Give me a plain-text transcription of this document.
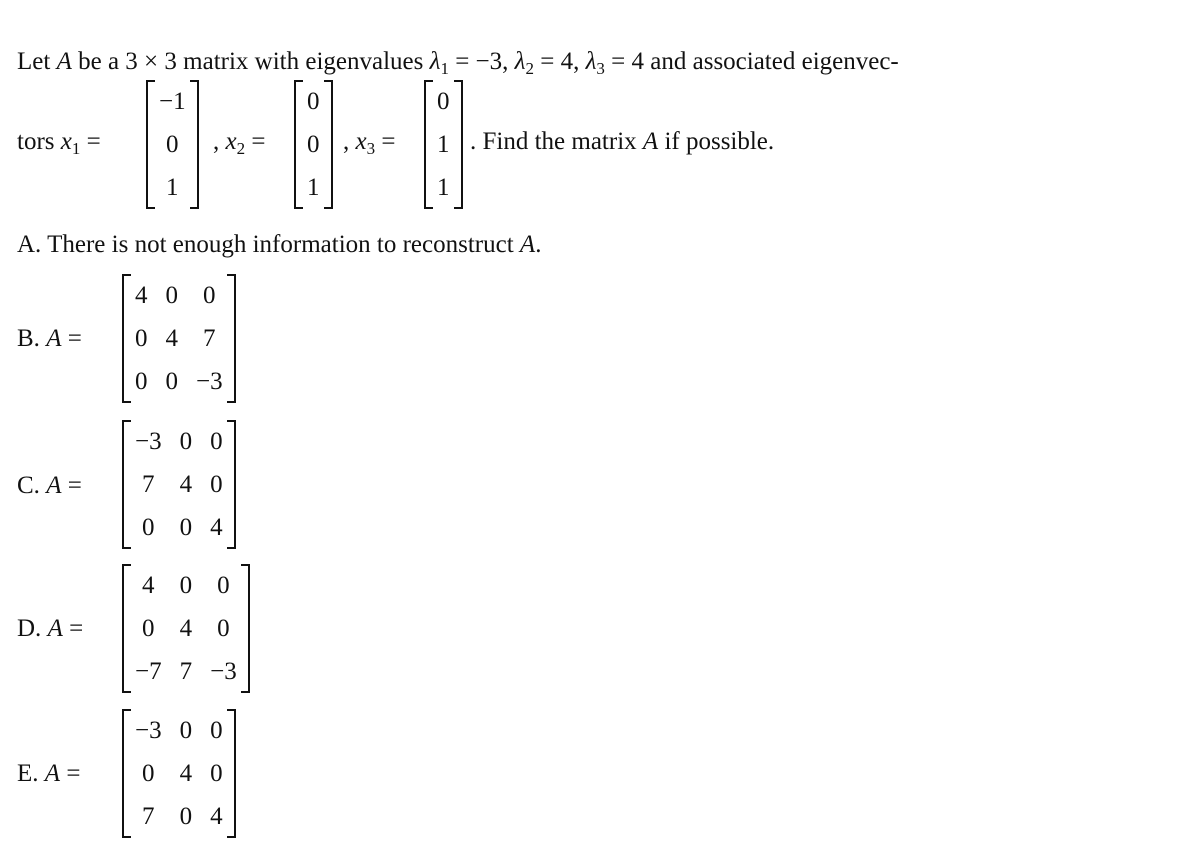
Let A be a 3 × 3 matrix with eigenvalues $\lambda_1 = -3$, $\lambda_2 = 4$, $\lambda_3 = 4$ and associated eigenvec-
tors $x_1$ =
−1
0
1
, $x_2$ =
0
0
1
, $x_3$ =
0
1
1
. Find the matrix A if possible.
A. There is not enough information to reconstruct A.
B. A =
4	0	0
0	4	7
0	0	−3
C. A =
−3	0	0
7	4	0
0	0	4
D. A =
4	0	0
0	4	0
−7	7	−3
E. A =
−3	0	0
0	4	0
7	0	4
